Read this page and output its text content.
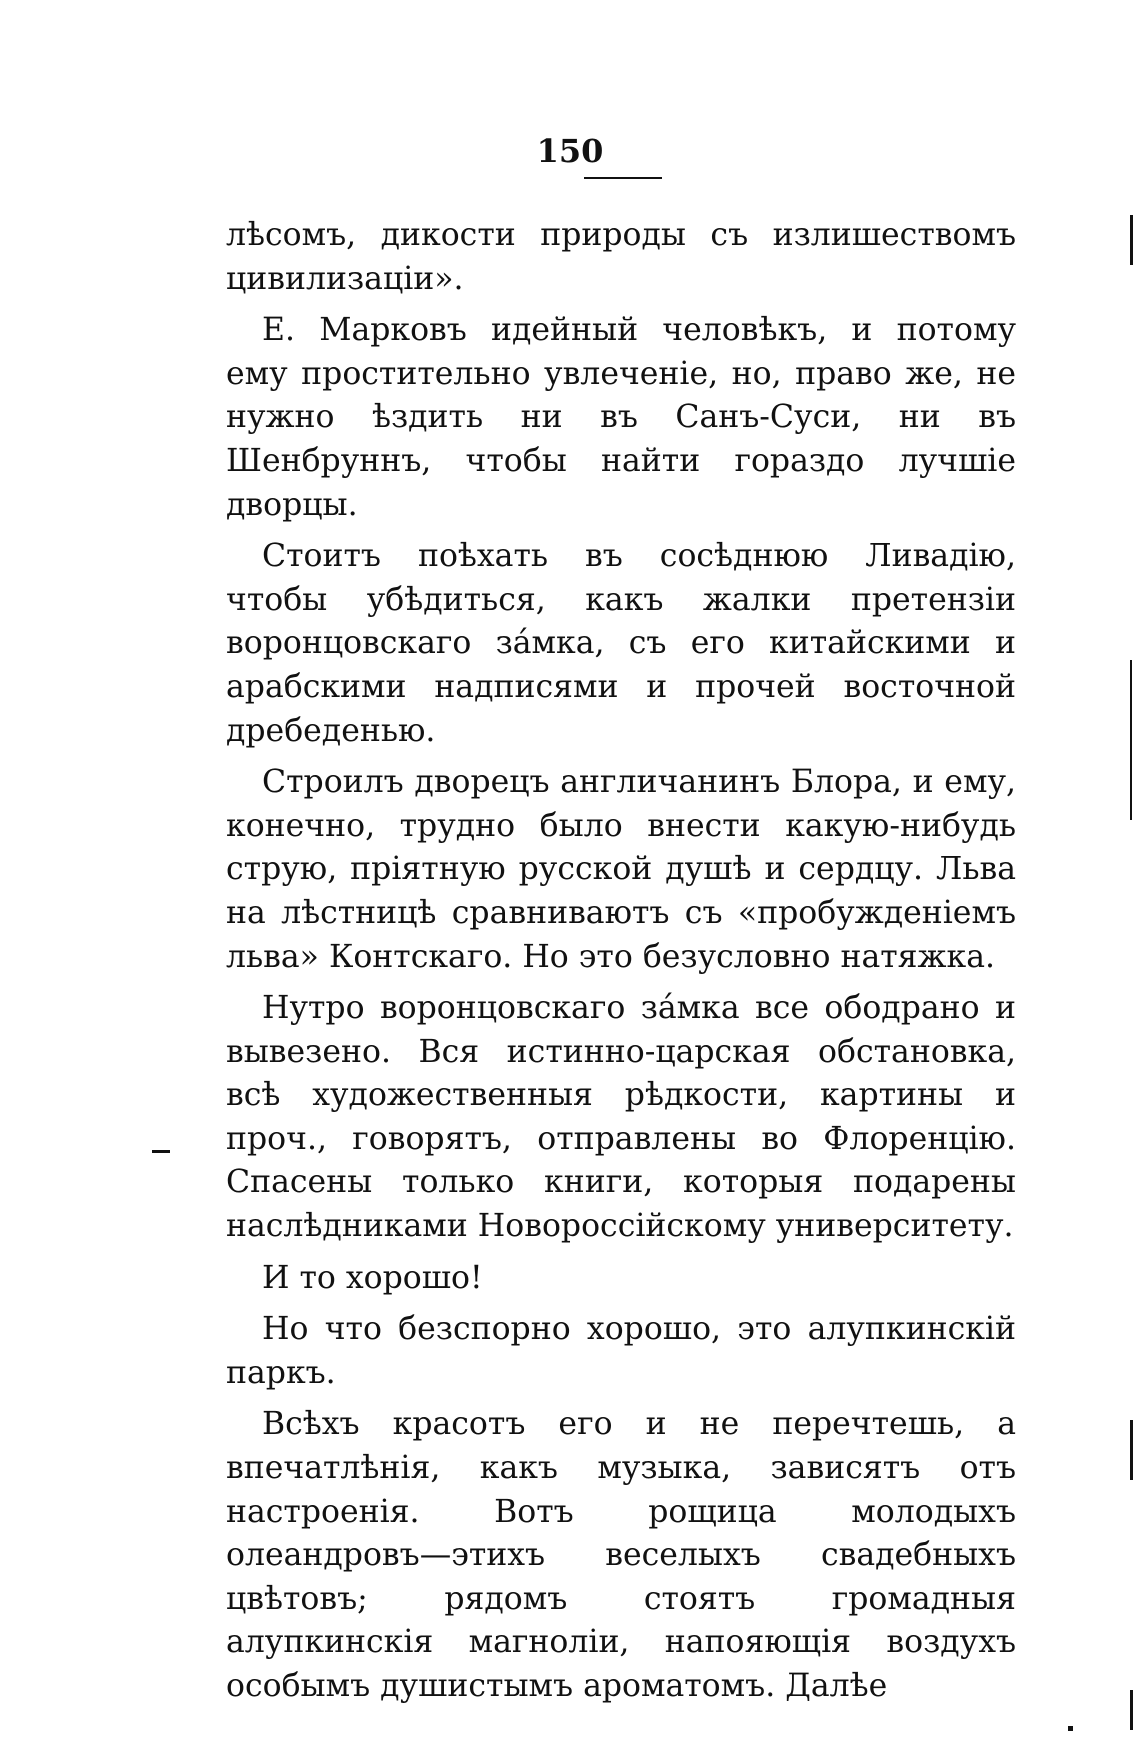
150

лѣсомъ, дикости природы съ излишествомъ цивилизаціи».

Е. Марковъ идейный человѣкъ, и потому ему простительно увлеченіе, но, право же, не нужно ѣздить ни въ Санъ-Суси, ни въ Шенбруннъ, чтобы найти гораздо лучшіе дворцы.

Стоитъ поѣхать въ сосѣднюю Ливадію, чтобы убѣдиться, какъ жалки претензіи воронцовскаго зáмка, съ его китайскими и арабскими надписями и прочей восточной дребеденью.

Строилъ дворецъ англичанинъ Блора, и ему, конечно, трудно было внести какую-нибудь струю, пріятную русской душѣ и сердцу. Льва на лѣстницѣ сравниваютъ съ «пробужденіемъ льва» Контскаго. Но это безусловно натяжка.

Нутро воронцовскаго зáмка все ободрано и вывезено. Вся истинно-царская обстановка, всѣ художественныя рѣдкости, картины и проч., говорятъ, отправлены во Флоренцію. Спасены только книги, которыя подарены наслѣдниками Новороссійскому университету.

И то хорошо!

Но что безспорно хорошо, это алупкинскій паркъ.

Всѣхъ красотъ его и не перечтешь, а впечатлѣнія, какъ музыка, зависятъ отъ настроенія. Вотъ рощица молодыхъ олеандровъ—этихъ веселыхъ свадебныхъ цвѣтовъ; рядомъ стоятъ громадныя алупкинскія магноліи, напояющія воздухъ особымъ душистымъ ароматомъ. Далѣе
